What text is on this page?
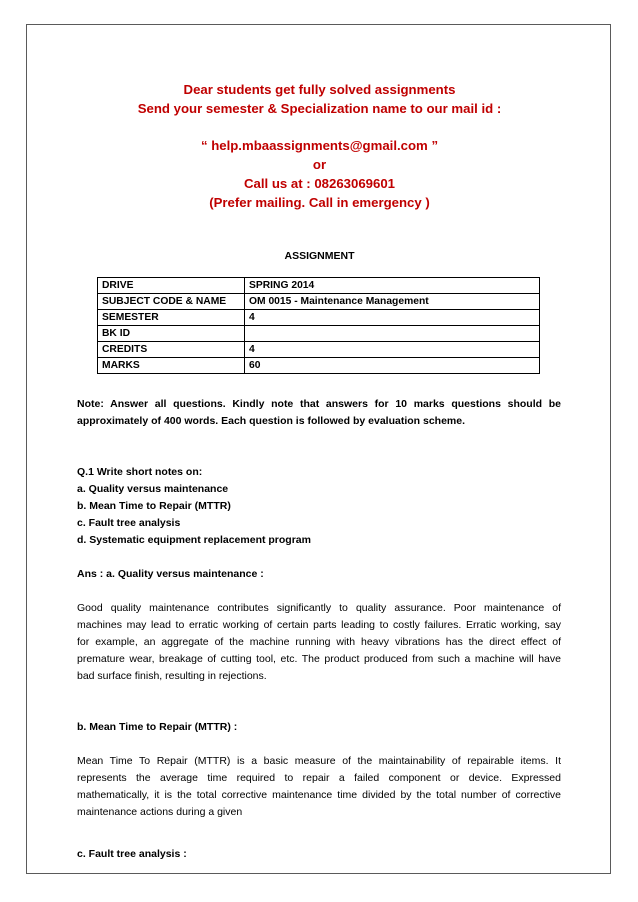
Dear students get fully solved assignments
Send your semester & Specialization name to our mail id :
“ help.mbaassignments@gmail.com ”
or
Call us at : 08263069601
(Prefer mailing. Call in emergency )
ASSIGNMENT
DRIVE	SPRING 2014
SUBJECT CODE & NAME	OM 0015 - Maintenance Management
SEMESTER	4
BK ID	
CREDITS	4
MARKS	60

Note: Answer all questions. Kindly note that answers for 10 marks questions should be

approximately of 400 words. Each question is followed by evaluation scheme.

Q.1 Write short notes on:

a. Quality versus maintenance

b. Mean Time to Repair (MTTR)

c. Fault tree analysis

d. Systematic equipment replacement program

Ans : a. Quality versus maintenance :

Good quality maintenance contributes significantly to quality assurance. Poor maintenance of

machines may lead to erratic working of certain parts leading to costly failures. Erratic working, say

for example, an aggregate of the machine running with heavy vibrations has the direct effect of

premature wear, breakage of cutting tool, etc. The product produced from such a machine will have

bad surface finish, resulting in rejections.

b. Mean Time to Repair (MTTR) :

Mean Time To Repair (MTTR) is a basic measure of the maintainability of repairable items. It

represents the average time required to repair a failed component or device. Expressed

mathematically, it is the total corrective maintenance time divided by the total number of corrective

maintenance actions during a given

c. Fault tree analysis :
